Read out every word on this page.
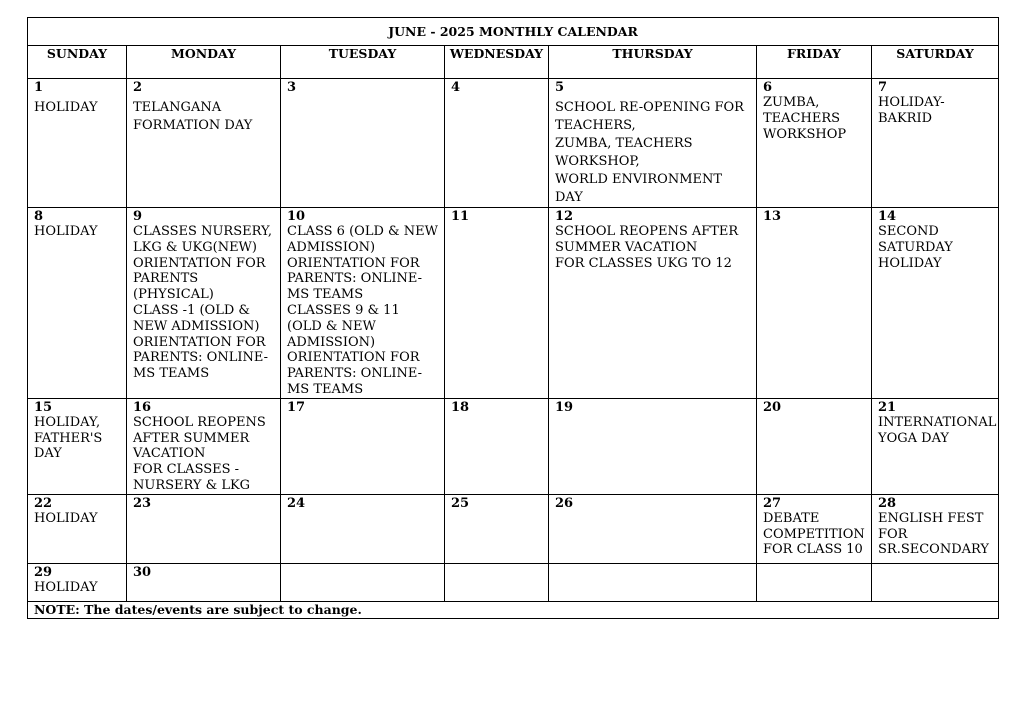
JUNE - 2025 MONTHLY CALENDAR						
SUNDAY	MONDAY	TUESDAY	WEDNESDAY	THURSDAY	FRIDAY	SATURDAY

1
HOLIDAY	2
TELANGANA FORMATION DAY	3	4	5
SCHOOL RE-OPENING FOR TEACHERS,
ZUMBA, TEACHERS WORKSHOP,
WORLD ENVIRONMENT DAY	6
ZUMBA, TEACHERS WORKSHOP	7
HOLIDAY-BAKRID

8
HOLIDAY	9
CLASSES NURSERY, LKG & UKG(NEW)
ORIENTATION FOR PARENTS (PHYSICAL)
CLASS -1 (OLD & NEW ADMISSION)
ORIENTATION FOR PARENTS: ONLINE-MS TEAMS	10
CLASS 6 (OLD & NEW ADMISSION)
ORIENTATION FOR PARENTS: ONLINE-MS TEAMS
CLASSES 9 & 11 (OLD & NEW ADMISSION)
ORIENTATION FOR PARENTS: ONLINE-MS TEAMS	11	12
SCHOOL REOPENS AFTER SUMMER VACATION
FOR CLASSES UKG TO 12	13	14
SECOND SATURDAY HOLIDAY

15
HOLIDAY, FATHER'S DAY	16
SCHOOL REOPENS AFTER SUMMER VACATION
FOR CLASSES - NURSERY & LKG	17	18	19	20	21
INTERNATIONAL YOGA DAY

22
HOLIDAY	23	24	25	26	27
DEBATE COMPETITION FOR CLASS 10	28
ENGLISH FEST FOR SR.SECONDARY

29
HOLIDAY	30					

NOTE: The dates/events are subject to change.						
